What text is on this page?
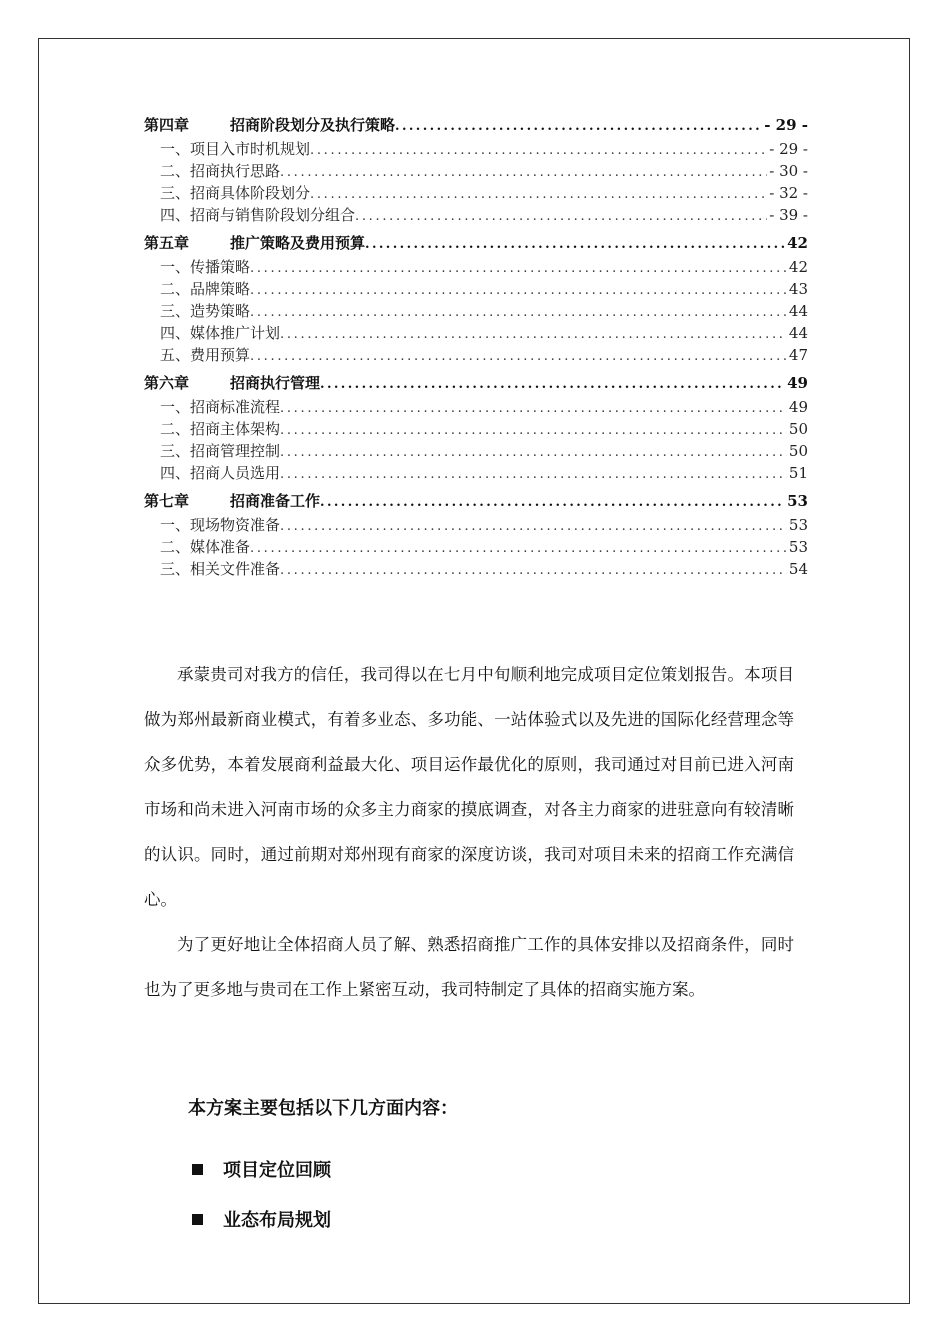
第四章	招商阶段划分及执行策略 .....	- 29 -
一、项目入市时机规划 .....	- 29 -
二、招商执行思路 .....	- 30 -
三、招商具体阶段划分 .....	- 32 -
四、招商与销售阶段划分组合 .....	- 39 -
第五章	推广策略及费用预算 .....	42
一、传播策略 .....	42
二、品牌策略 .....	43
三、造势策略 .....	44
四、媒体推广计划 .....	44
五、费用预算 .....	47
第六章	招商执行管理 .....	49
一、招商标准流程 .....	49
二、招商主体架构 .....	50
三、招商管理控制 .....	50
四、招商人员选用 .....	51
第七章	招商准备工作 .....	53
一、现场物资准备 .....	53
二、媒体准备 .....	53
三、相关文件准备 .....	54

承蒙贵司对我方的信任，我司得以在七月中旬顺利地完成项目定位策划报告。本项目做为郑州最新商业模式，有着多业态、多功能、一站体验式以及先进的国际化经营理念等众多优势，本着发展商利益最大化、项目运作最优化的原则，我司通过对目前已进入河南市场和尚未进入河南市场的众多主力商家的摸底调查，对各主力商家的进驻意向有较清晰的认识。同时，通过前期对郑州现有商家的深度访谈，我司对项目未来的招商工作充满信心。

为了更好地让全体招商人员了解、熟悉招商推广工作的具体安排以及招商条件，同时也为了更多地与贵司在工作上紧密互动，我司特制定了具体的招商实施方案。

本方案主要包括以下几方面内容：
项目定位回顾
业态布局规划
